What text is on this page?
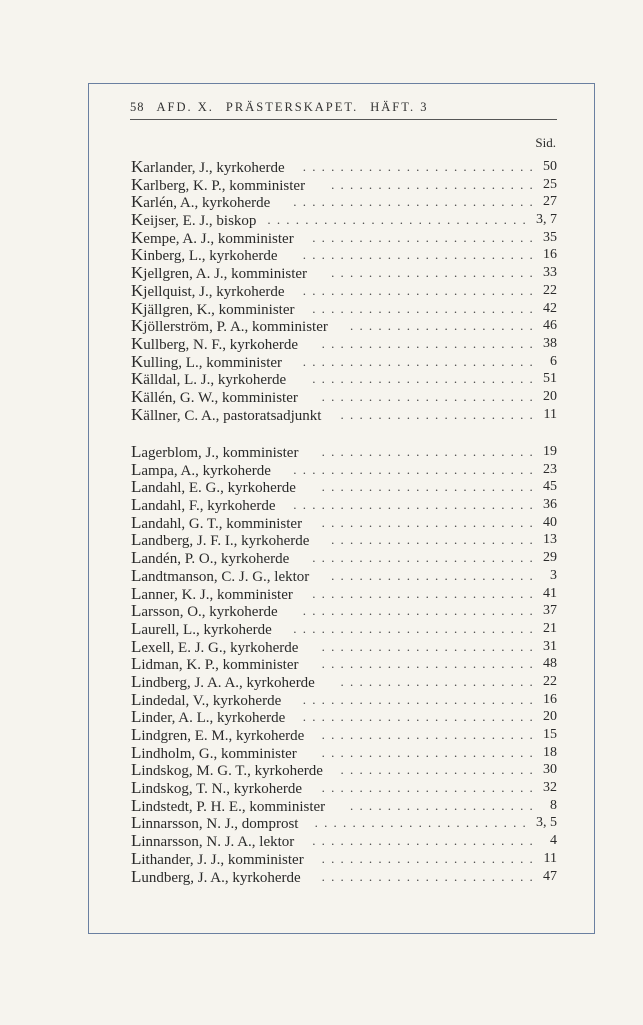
58 AFD. X. PRÄSTERSKAPET. HÄFT. 3
Sid.
Karlander, J., kyrkoherde ......................... 50
Karlberg, K. P., komminister ...................... 25
Karlén, A., kyrkoherde .......................... 27
Keijser, E. J., biskop ............................ 3, 7
Kempe, A. J., komminister ........................ 35
Kinberg, L., kyrkoherde ......................... 16
Kjellgren, A. J., komminister ...................... 33
Kjellquist, J., kyrkoherde ......................... 22
Kjällgren, K., komminister ........................ 42
Kjöllerström, P. A., komminister .................... 46
Kullberg, N. F., kyrkoherde ....................... 38
Kulling, L., komminister ......................... 6
Källdal, L. J., kyrkoherde ........................ 51
Källén, G. W., komminister ....................... 20
Källner, C. A., pastoratsadjunkt ..................... 11
Lagerblom, J., komminister ....................... 19
Lampa, A., kyrkoherde .......................... 23
Landahl, E. G., kyrkoherde ....................... 45
Landahl, F., kyrkoherde .......................... 36
Landahl, G. T., komminister ....................... 40
Landberg, J. F. I., kyrkoherde ...................... 13
Landén, P. O., kyrkoherde ........................ 29
Landtmanson, C. J. G., lektor ...................... 3
Lanner, K. J., komminister ........................ 41
Larsson, O., kyrkoherde ......................... 37
Laurell, L., kyrkoherde .......................... 21
Lexell, E. J. G., kyrkoherde ....................... 31
Lidman, K. P., komminister ....................... 48
Lindberg, J. A. A., kyrkoherde ..................... 22
Lindedal, V., kyrkoherde ......................... 16
Linder, A. L., kyrkoherde ......................... 20
Lindgren, E. M., kyrkoherde ....................... 15
Lindholm, G., komminister ....................... 18
Lindskog, M. G. T., kyrkoherde ..................... 30
Lindskog, T. N., kyrkoherde ....................... 32
Lindstedt, P. H. E., komminister .................... 8
Linnarsson, N. J., domprost ....................... 3, 5
Linnarsson, N. J. A., lektor ........................ 4
Lithander, J. J., komminister ....................... 11
Lundberg, J. A., kyrkoherde ....................... 47
